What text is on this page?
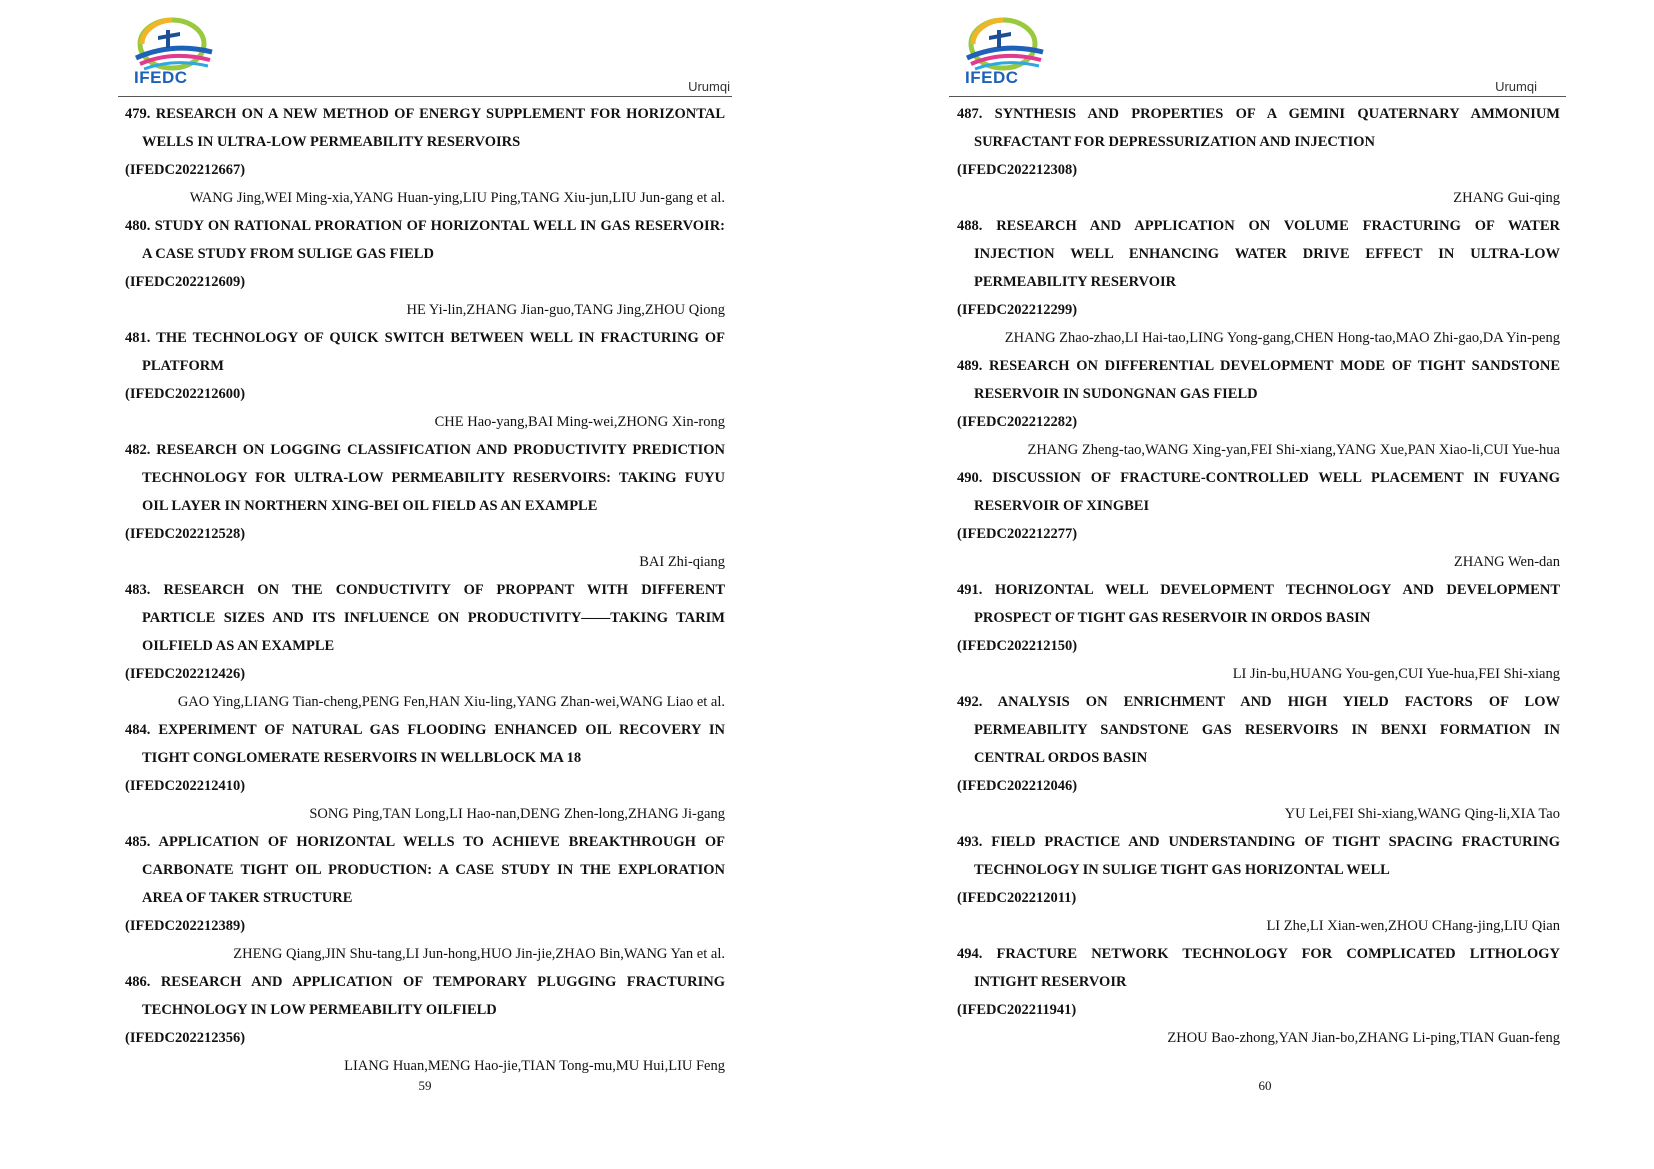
IFEDC	Urumqi
479. RESEARCH ON A NEW METHOD OF ENERGY SUPPLEMENT FOR HORIZONTAL WELLS IN ULTRA-LOW PERMEABILITY RESERVOIRS
(IFEDC202212667)
WANG Jing,WEI Ming-xia,YANG Huan-ying,LIU Ping,TANG Xiu-jun,LIU Jun-gang et al.
480. STUDY ON RATIONAL PRORATION OF HORIZONTAL WELL IN GAS RESERVOIR: A CASE STUDY FROM SULIGE GAS FIELD
(IFEDC202212609)
HE Yi-lin,ZHANG Jian-guo,TANG Jing,ZHOU Qiong
481. THE TECHNOLOGY OF QUICK SWITCH BETWEEN WELL IN FRACTURING OF PLATFORM
(IFEDC202212600)
CHE Hao-yang,BAI Ming-wei,ZHONG Xin-rong
482. RESEARCH ON LOGGING CLASSIFICATION AND PRODUCTIVITY PREDICTION TECHNOLOGY FOR ULTRA-LOW PERMEABILITY RESERVOIRS: TAKING FUYU OIL LAYER IN NORTHERN XING-BEI OIL FIELD AS AN EXAMPLE
(IFEDC202212528)
BAI Zhi-qiang
483. RESEARCH ON THE CONDUCTIVITY OF PROPPANT WITH DIFFERENT PARTICLE SIZES AND ITS INFLUENCE ON PRODUCTIVITY——TAKING TARIM OILFIELD AS AN EXAMPLE
(IFEDC202212426)
GAO Ying,LIANG Tian-cheng,PENG Fen,HAN Xiu-ling,YANG Zhan-wei,WANG Liao et al.
484. EXPERIMENT OF NATURAL GAS FLOODING ENHANCED OIL RECOVERY IN TIGHT CONGLOMERATE RESERVOIRS IN WELLBLOCK MA 18
(IFEDC202212410)
SONG Ping,TAN Long,LI Hao-nan,DENG Zhen-long,ZHANG Ji-gang
485. APPLICATION OF HORIZONTAL WELLS TO ACHIEVE BREAKTHROUGH OF CARBONATE TIGHT OIL PRODUCTION: A CASE STUDY IN THE EXPLORATION AREA OF TAKER STRUCTURE
(IFEDC202212389)
ZHENG Qiang,JIN Shu-tang,LI Jun-hong,HUO Jin-jie,ZHAO Bin,WANG Yan et al.
486. RESEARCH AND APPLICATION OF TEMPORARY PLUGGING FRACTURING TECHNOLOGY IN LOW PERMEABILITY OILFIELD
(IFEDC202212356)
LIANG Huan,MENG Hao-jie,TIAN Tong-mu,MU Hui,LIU Feng
59
IFEDC	Urumqi
487. SYNTHESIS AND PROPERTIES OF A GEMINI QUATERNARY AMMONIUM SURFACTANT FOR DEPRESSURIZATION AND INJECTION
(IFEDC202212308)
ZHANG Gui-qing
488. RESEARCH AND APPLICATION ON VOLUME FRACTURING OF WATER INJECTION WELL ENHANCING WATER DRIVE EFFECT IN ULTRA-LOW PERMEABILITY RESERVOIR
(IFEDC202212299)
ZHANG Zhao-zhao,LI Hai-tao,LING Yong-gang,CHEN Hong-tao,MAO Zhi-gao,DA Yin-peng
489. RESEARCH ON DIFFERENTIAL DEVELOPMENT MODE OF TIGHT SANDSTONE RESERVOIR IN SUDONGNAN GAS FIELD
(IFEDC202212282)
ZHANG Zheng-tao,WANG Xing-yan,FEI Shi-xiang,YANG Xue,PAN Xiao-li,CUI Yue-hua
490. DISCUSSION OF FRACTURE-CONTROLLED WELL PLACEMENT IN FUYANG RESERVOIR OF XINGBEI
(IFEDC202212277)
ZHANG Wen-dan
491. HORIZONTAL WELL DEVELOPMENT TECHNOLOGY AND DEVELOPMENT PROSPECT OF TIGHT GAS RESERVOIR IN ORDOS BASIN
(IFEDC202212150)
LI Jin-bu,HUANG You-gen,CUI Yue-hua,FEI Shi-xiang
492. ANALYSIS ON ENRICHMENT AND HIGH YIELD FACTORS OF LOW PERMEABILITY SANDSTONE GAS RESERVOIRS IN BENXI FORMATION IN CENTRAL ORDOS BASIN
(IFEDC202212046)
YU Lei,FEI Shi-xiang,WANG Qing-li,XIA Tao
493. FIELD PRACTICE AND UNDERSTANDING OF TIGHT SPACING FRACTURING TECHNOLOGY IN SULIGE TIGHT GAS HORIZONTAL WELL
(IFEDC202212011)
LI Zhe,LI Xian-wen,ZHOU CHang-jing,LIU Qian
494. FRACTURE NETWORK TECHNOLOGY FOR COMPLICATED LITHOLOGY INTIGHT RESERVOIR
(IFEDC202211941)
ZHOU Bao-zhong,YAN Jian-bo,ZHANG Li-ping,TIAN Guan-feng
60
